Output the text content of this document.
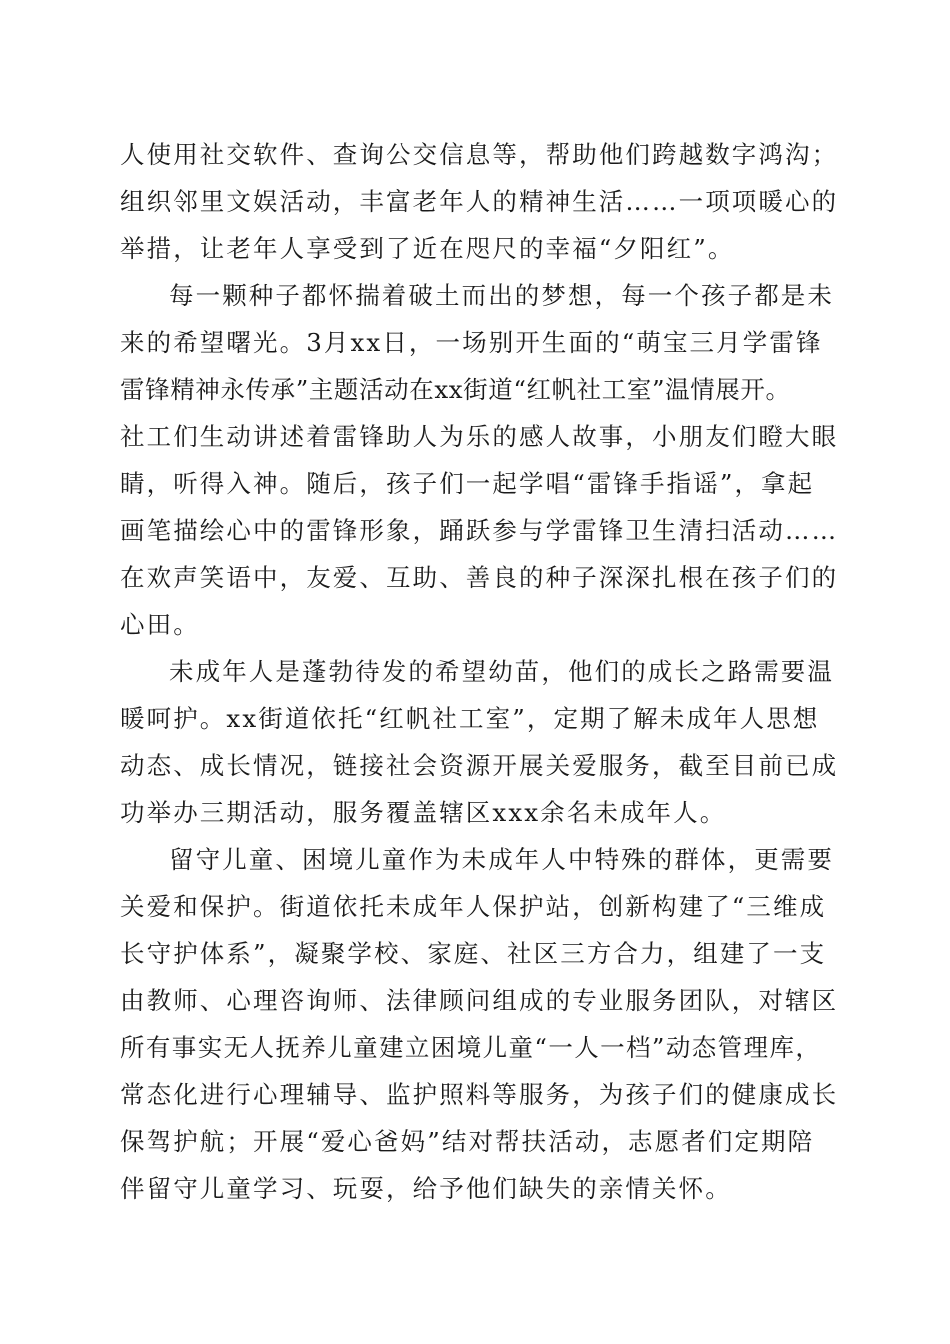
人使用社交软件、查询公交信息等，帮助他们跨越数字鸿沟；
组织邻里文娱活动，丰富老年人的精神生活……一项项暖心的
举措，让老年人享受到了近在咫尺的幸福“夕阳红”。
每一颗种子都怀揣着破土而出的梦想，每一个孩子都是未
来的希望曙光。3月xx日，一场别开生面的“萌宝三月学雷锋
雷锋精神永传承”主题活动在xx街道“红帆社工室”温情展开。
社工们生动讲述着雷锋助人为乐的感人故事，小朋友们瞪大眼
睛，听得入神。随后，孩子们一起学唱“雷锋手指谣”，拿起
画笔描绘心中的雷锋形象，踊跃参与学雷锋卫生清扫活动……
在欢声笑语中，友爱、互助、善良的种子深深扎根在孩子们的
心田。
未成年人是蓬勃待发的希望幼苗，他们的成长之路需要温
暖呵护。xx街道依托“红帆社工室”，定期了解未成年人思想
动态、成长情况，链接社会资源开展关爱服务，截至目前已成
功举办三期活动，服务覆盖辖区xxx余名未成年人。
留守儿童、困境儿童作为未成年人中特殊的群体，更需要
关爱和保护。街道依托未成年人保护站，创新构建了“三维成
长守护体系”，凝聚学校、家庭、社区三方合力，组建了一支
由教师、心理咨询师、法律顾问组成的专业服务团队，对辖区
所有事实无人抚养儿童建立困境儿童“一人一档”动态管理库，
常态化进行心理辅导、监护照料等服务，为孩子们的健康成长
保驾护航；开展“爱心爸妈”结对帮扶活动，志愿者们定期陪
伴留守儿童学习、玩耍，给予他们缺失的亲情关怀。
